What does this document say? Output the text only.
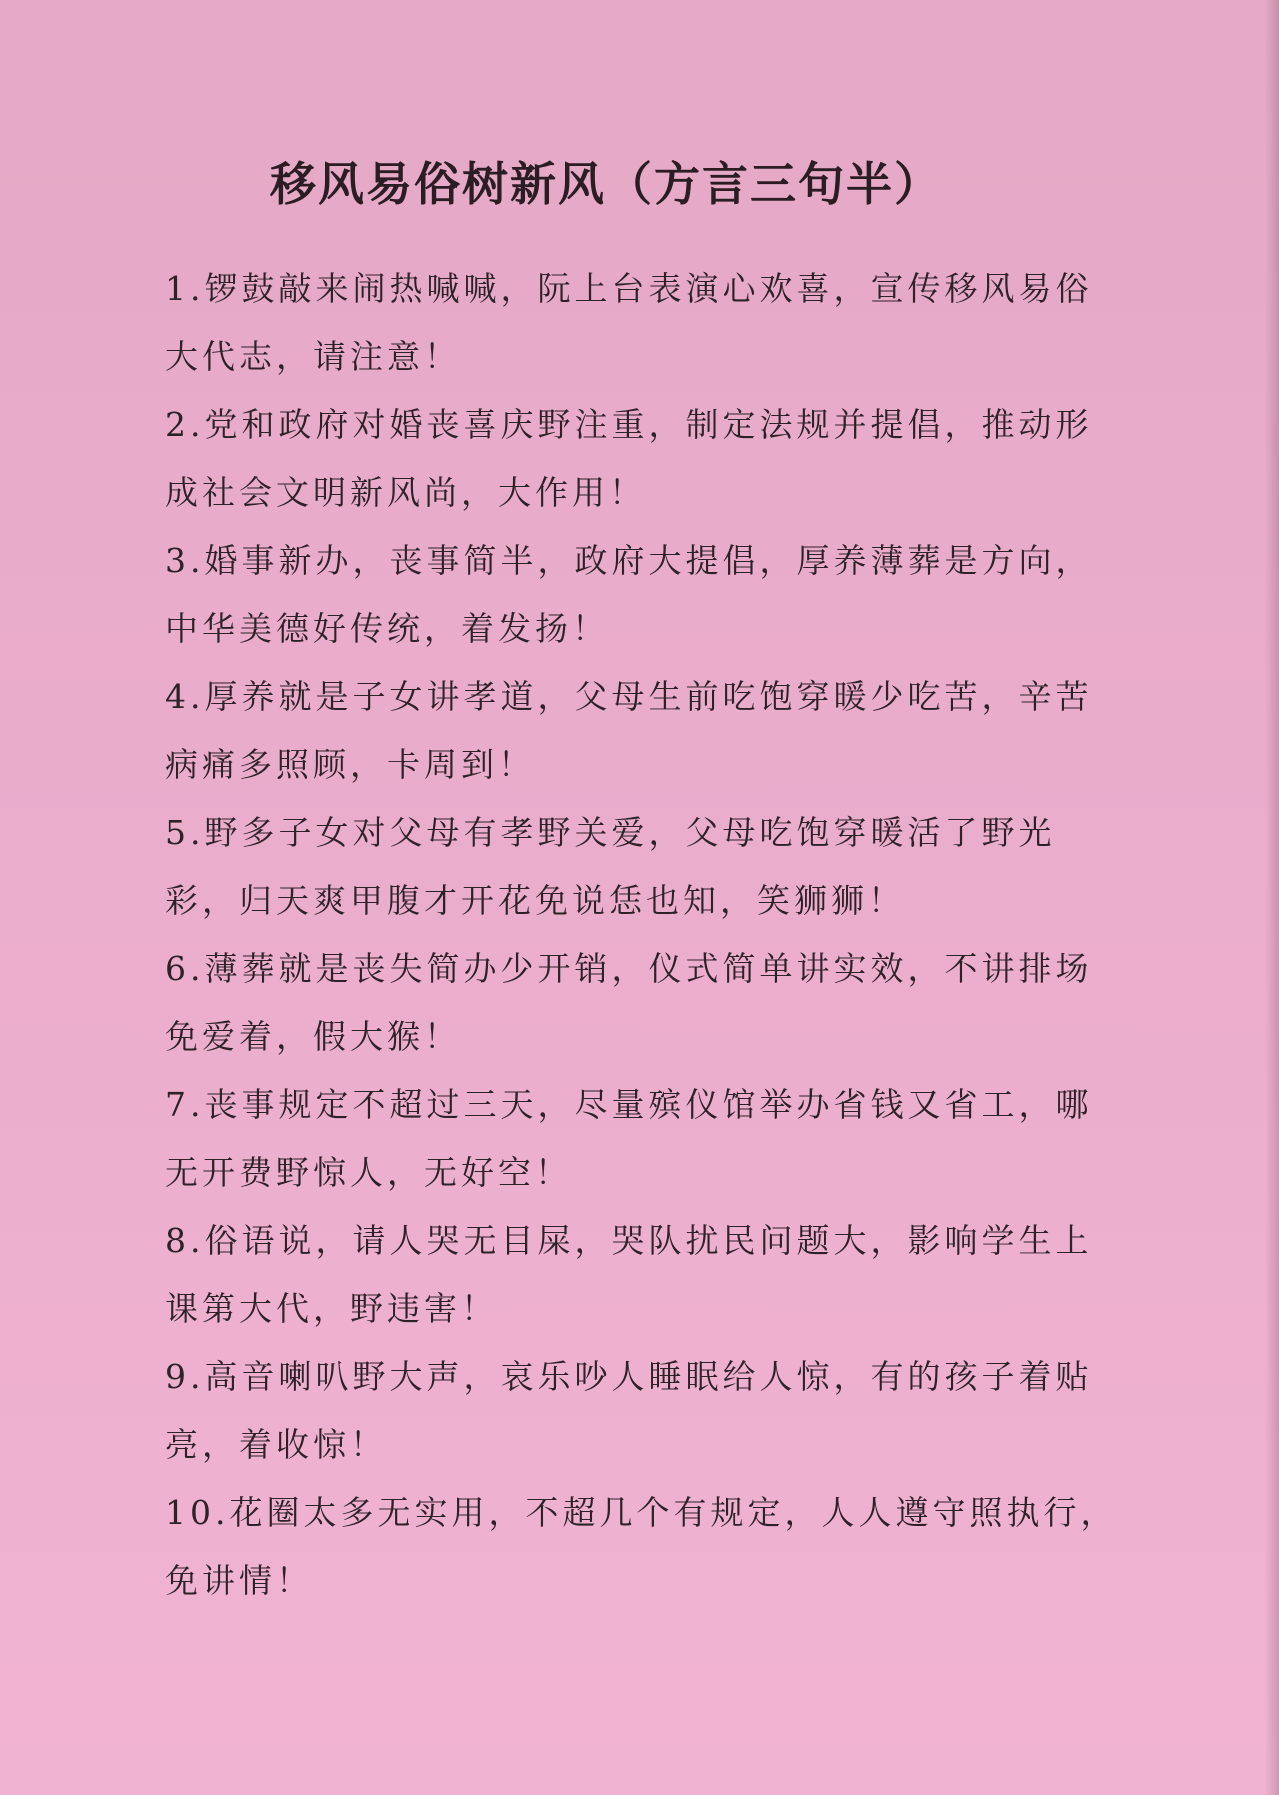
移风易俗树新风（方言三句半）
1.锣鼓敲来闹热喊喊，阮上台表演心欢喜，宣传移风易俗大代志，请注意！
2.党和政府对婚丧喜庆野注重，制定法规并提倡，推动形成社会文明新风尚，大作用！
3.婚事新办，丧事简半，政府大提倡，厚养薄葬是方向，中华美德好传统，着发扬！
4.厚养就是子女讲孝道，父母生前吃饱穿暖少吃苦，辛苦病痛多照顾，卡周到！
5.野多子女对父母有孝野关爱，父母吃饱穿暖活了野光彩，归天爽甲腹才开花免说恁也知，笑狮狮！
6.薄葬就是丧失简办少开销，仪式简单讲实效，不讲排场免爱着，假大猴！
7.丧事规定不超过三天，尽量殡仪馆举办省钱又省工，哪无开费野惊人，无好空！
8.俗语说，请人哭无目屎，哭队扰民问题大，影响学生上课第大代，野违害！
9.高音喇叭野大声，哀乐吵人睡眠给人惊，有的孩子着贴亮，着收惊！
10.花圈太多无实用，不超几个有规定，人人遵守照执行，免讲情！
